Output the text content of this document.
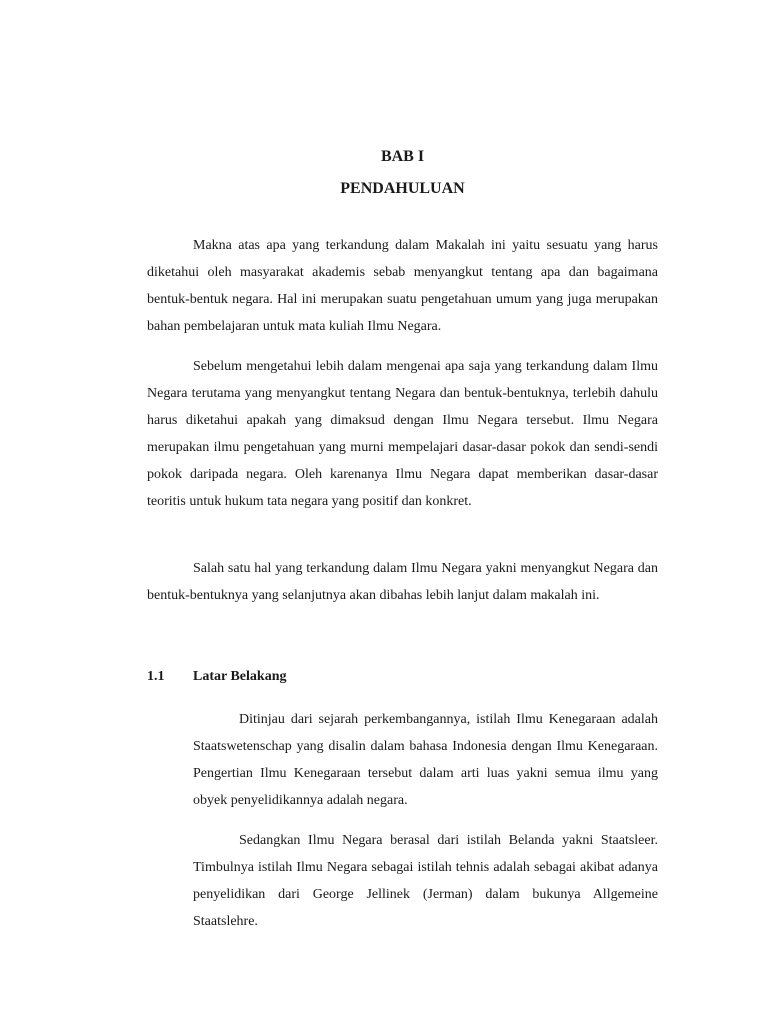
BAB I
PENDAHULUAN

Makna atas apa yang terkandung dalam Makalah ini yaitu sesuatu yang harus diketahui oleh masyarakat akademis sebab menyangkut tentang apa dan bagaimana bentuk-bentuk negara. Hal ini merupakan suatu pengetahuan umum yang juga merupakan bahan pembelajaran untuk mata kuliah Ilmu Negara.

Sebelum mengetahui lebih dalam mengenai apa saja yang terkandung dalam Ilmu Negara terutama yang menyangkut tentang Negara dan bentuk-bentuknya, terlebih dahulu harus diketahui apakah yang dimaksud dengan Ilmu Negara tersebut. Ilmu Negara merupakan ilmu pengetahuan yang murni mempelajari dasar-dasar pokok dan sendi-sendi pokok daripada negara. Oleh karenanya Ilmu Negara dapat memberikan dasar-dasar teoritis untuk hukum tata negara yang positif dan konkret.

Salah satu hal yang terkandung dalam Ilmu Negara yakni menyangkut Negara dan bentuk-bentuknya yang selanjutnya akan dibahas lebih lanjut dalam makalah ini.

1.1 Latar Belakang

Ditinjau dari sejarah perkembangannya, istilah Ilmu Kenegaraan adalah Staatswetenschap yang disalin dalam bahasa Indonesia dengan Ilmu Kenegaraan. Pengertian Ilmu Kenegaraan tersebut dalam arti luas yakni semua ilmu yang obyek penyelidikannya adalah negara.

Sedangkan Ilmu Negara berasal dari istilah Belanda yakni Staatsleer. Timbulnya istilah Ilmu Negara sebagai istilah tehnis adalah sebagai akibat adanya penyelidikan dari George Jellinek (Jerman) dalam bukunya Allgemeine Staatslehre.
